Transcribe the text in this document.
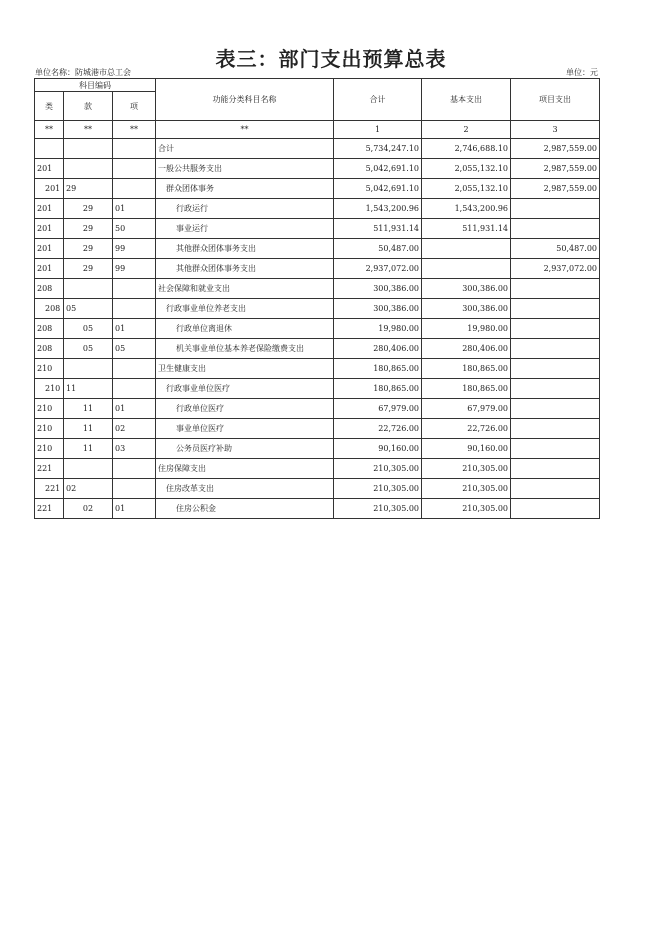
表三：部门支出预算总表
单位名称：防城港市总工会	单位：元
科目编码			功能分类科目名称	合计	基本支出	项目支出
类	款	项				
**	**	**	**	1	2	3
			合计	5,734,247.10	2,746,688.10	2,987,559.00
201			一般公共服务支出	5,042,691.10	2,055,132.10	2,987,559.00
201	29		群众团体事务	5,042,691.10	2,055,132.10	2,987,559.00
201	29	01	行政运行	1,543,200.96	1,543,200.96	
201	29	50	事业运行	511,931.14	511,931.14	
201	29	99	其他群众团体事务支出	50,487.00		50,487.00
201	29	99	其他群众团体事务支出	2,937,072.00		2,937,072.00
208			社会保障和就业支出	300,386.00	300,386.00	
208	05		行政事业单位养老支出	300,386.00	300,386.00	
208	05	01	行政单位离退休	19,980.00	19,980.00	
208	05	05	机关事业单位基本养老保险缴费支出	280,406.00	280,406.00	
210			卫生健康支出	180,865.00	180,865.00	
210	11		行政事业单位医疗	180,865.00	180,865.00	
210	11	01	行政单位医疗	67,979.00	67,979.00	
210	11	02	事业单位医疗	22,726.00	22,726.00	
210	11	03	公务员医疗补助	90,160.00	90,160.00	
221			住房保障支出	210,305.00	210,305.00	
221	02		住房改革支出	210,305.00	210,305.00	
221	02	01	住房公积金	210,305.00	210,305.00	
